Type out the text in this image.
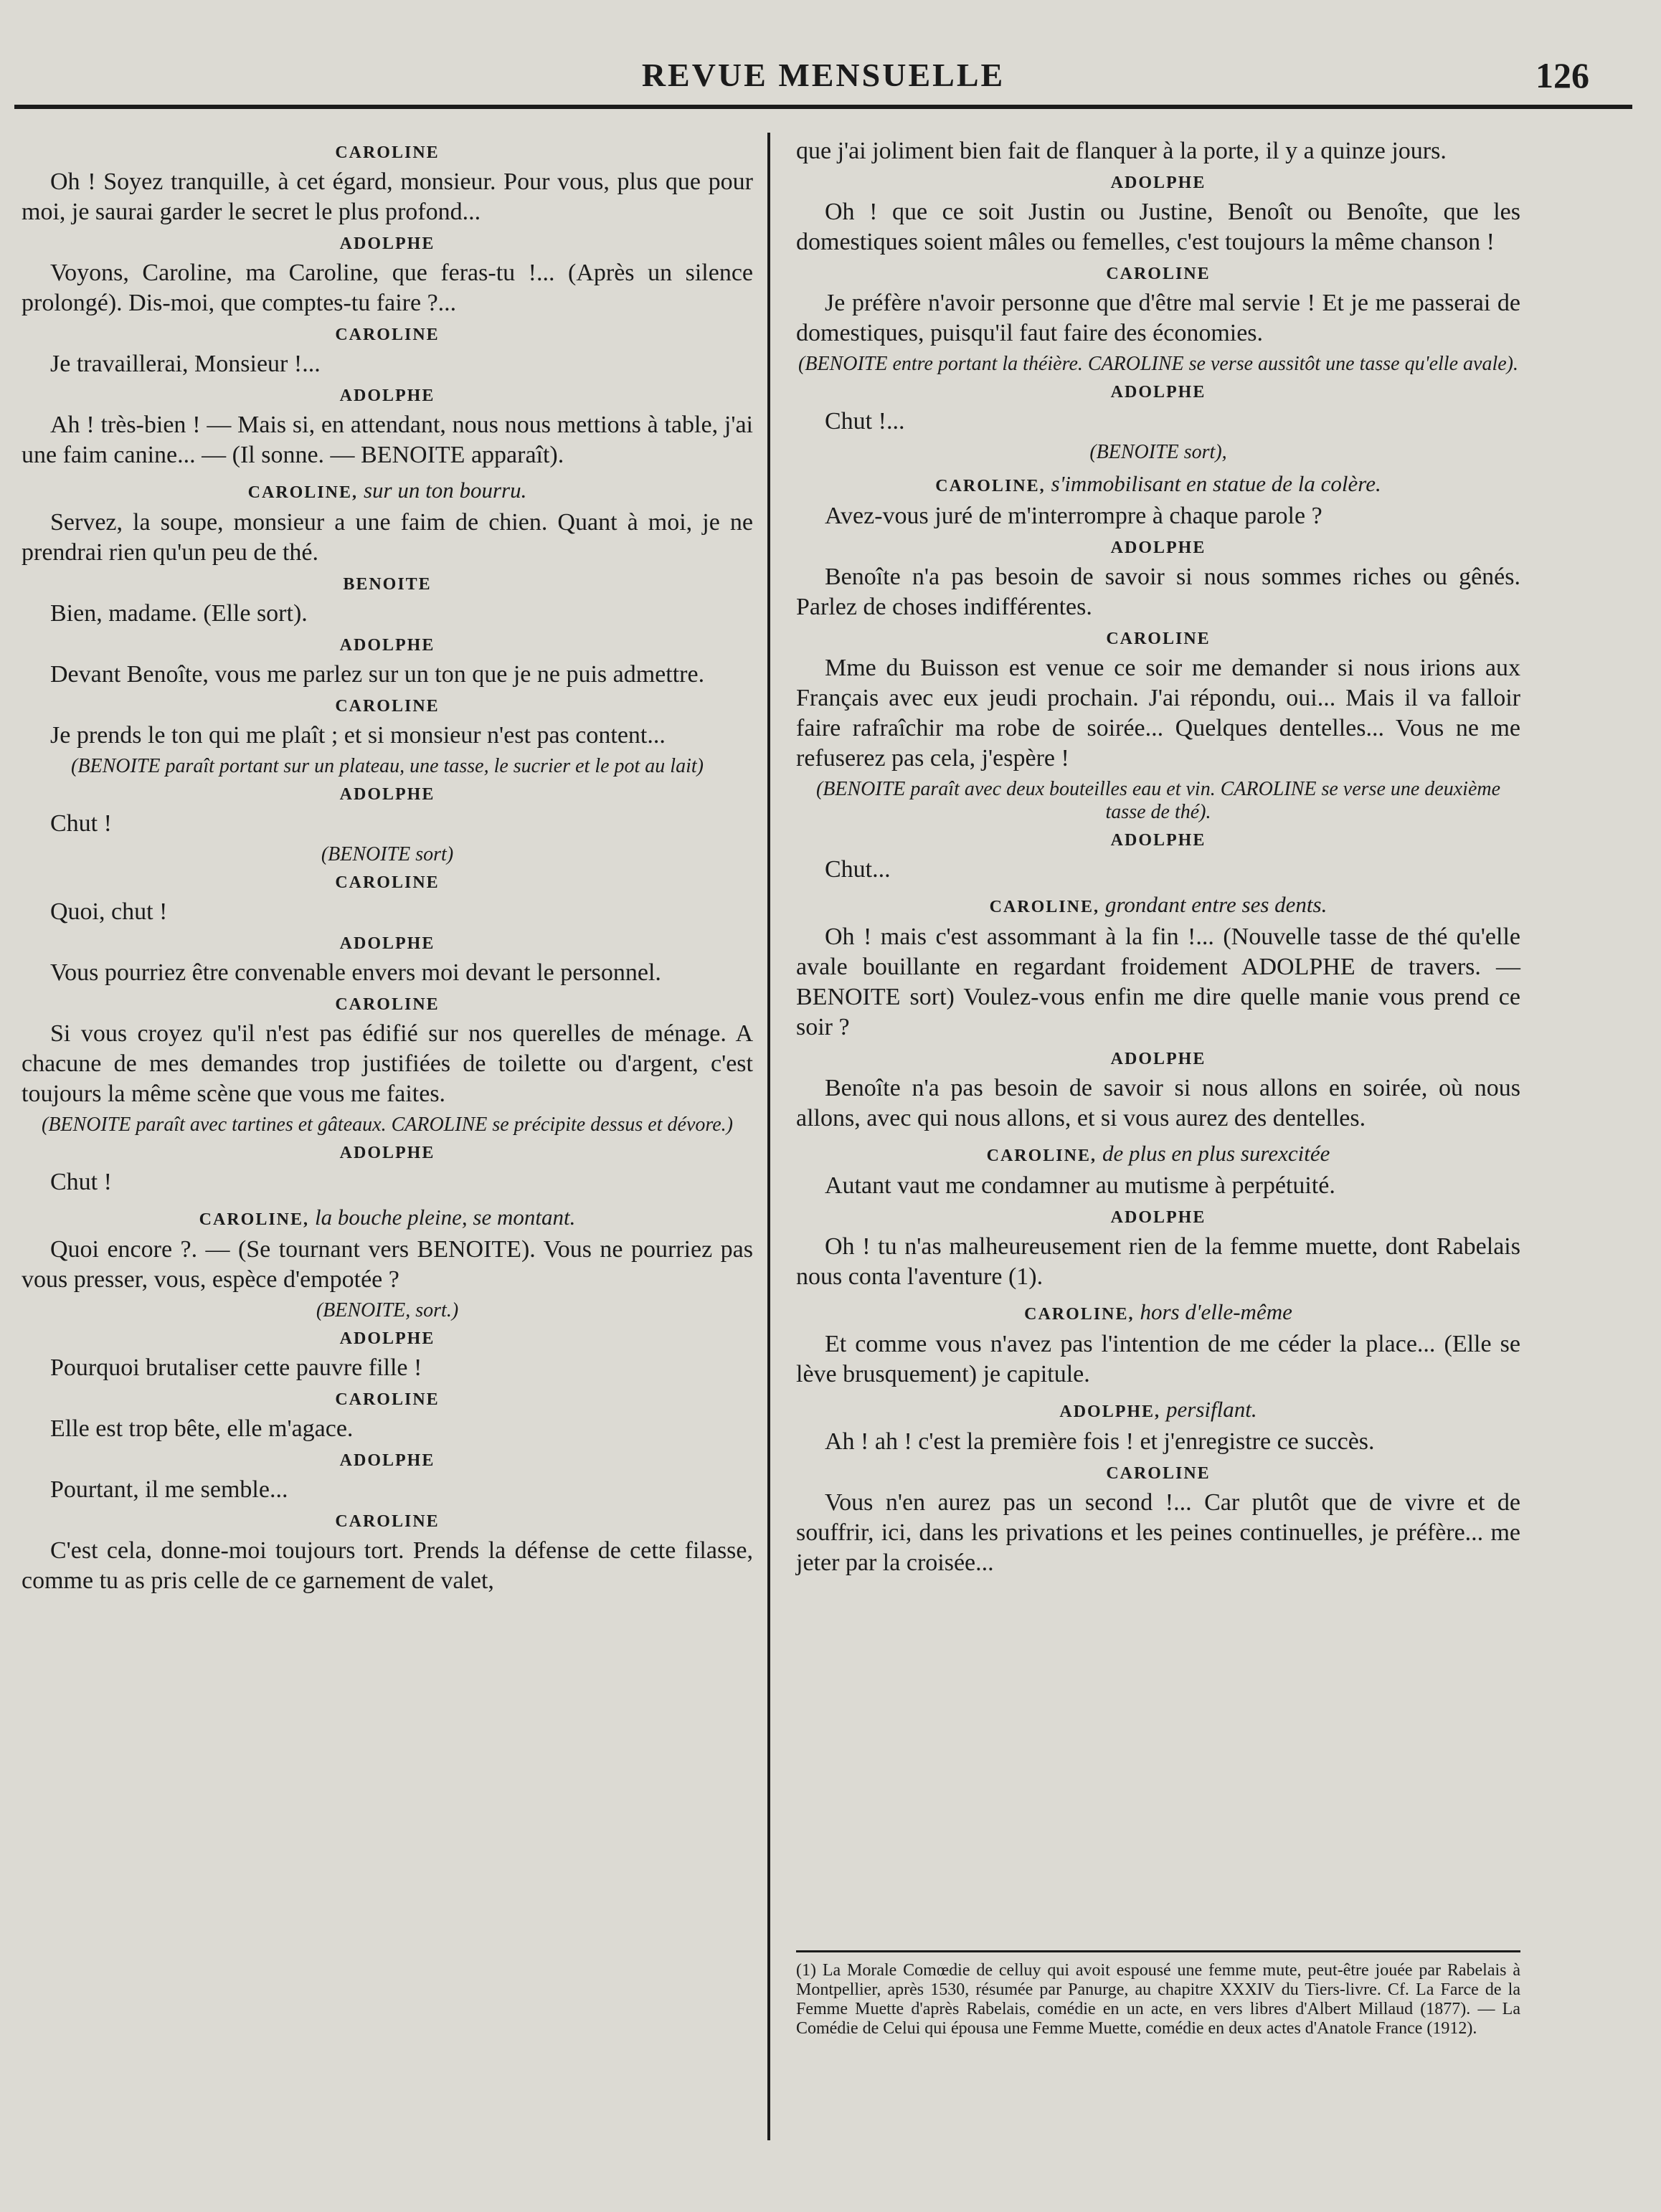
REVUE MENSUELLE	126
CAROLINE

Oh ! Soyez tranquille, à cet égard, monsieur. Pour vous, plus que pour moi, je saurai garder le secret le plus profond...

ADOLPHE

Voyons, Caroline, ma Caroline, que feras-tu !... (Après un silence prolongé). Dis-moi, que comptes-tu faire ?...

CAROLINE

Je travaillerai, Monsieur !...

ADOLPHE

Ah ! très-bien ! — Mais si, en attendant, nous nous mettions à table, j'ai une faim canine... — (Il sonne. — BENOITE apparaît).

CAROLINE, sur un ton bourru.

Servez, la soupe, monsieur a une faim de chien. Quant à moi, je ne prendrai rien qu'un peu de thé.

BENOITE

Bien, madame. (Elle sort).

ADOLPHE

Devant Benoîte, vous me parlez sur un ton que je ne puis admettre.

CAROLINE

Je prends le ton qui me plaît ; et si monsieur n'est pas content...

(BENOITE paraît portant sur un plateau, une tasse, le sucrier et le pot au lait)

ADOLPHE

Chut !

(BENOITE sort)

CAROLINE

Quoi, chut !

ADOLPHE

Vous pourriez être convenable envers moi devant le personnel.

CAROLINE

Si vous croyez qu'il n'est pas édifié sur nos querelles de ménage. A chacune de mes demandes trop justifiées de toilette ou d'argent, c'est toujours la même scène que vous me faites.

(BENOITE paraît avec tartines et gâteaux. CAROLINE se précipite dessus et dévore.)

ADOLPHE

Chut !

CAROLINE, la bouche pleine, se montant.

Quoi encore ?. — (Se tournant vers BENOITE). Vous ne pourriez pas vous presser, vous, espèce d'empotée ?

(BENOITE, sort.)

ADOLPHE

Pourquoi brutaliser cette pauvre fille !

CAROLINE

Elle est trop bête, elle m'agace.

ADOLPHE

Pourtant, il me semble...

CAROLINE

C'est cela, donne-moi toujours tort. Prends la défense de cette filasse, comme tu as pris celle de ce garnement de valet,

que j'ai joliment bien fait de flanquer à la porte, il y a quinze jours.

ADOLPHE

Oh ! que ce soit Justin ou Justine, Benoît ou Benoîte, que les domestiques soient mâles ou femelles, c'est toujours la même chanson !

CAROLINE

Je préfère n'avoir personne que d'être mal servie ! Et je me passerai de domestiques, puisqu'il faut faire des économies.

(BENOITE entre portant la théière. CAROLINE se verse aussitôt une tasse qu'elle avale).

ADOLPHE

Chut !...

(BENOITE sort),

CAROLINE, s'immobilisant en statue de la colère.

Avez-vous juré de m'interrompre à chaque parole ?

ADOLPHE

Benoîte n'a pas besoin de savoir si nous sommes riches ou gênés. Parlez de choses indifférentes.

CAROLINE

Mme du Buisson est venue ce soir me demander si nous irions aux Français avec eux jeudi prochain. J'ai répondu, oui... Mais il va falloir faire rafraîchir ma robe de soirée... Quelques dentelles... Vous ne me refuserez pas cela, j'espère !

(BENOITE paraît avec deux bouteilles eau et vin. CAROLINE se verse une deuxième tasse de thé).

ADOLPHE

Chut...

CAROLINE, grondant entre ses dents.

Oh ! mais c'est assommant à la fin !... (Nouvelle tasse de thé qu'elle avale bouillante en regardant froidement ADOLPHE de travers. — BENOITE sort) Voulez-vous enfin me dire quelle manie vous prend ce soir ?

ADOLPHE

Benoîte n'a pas besoin de savoir si nous allons en soirée, où nous allons, avec qui nous allons, et si vous aurez des dentelles.

CAROLINE, de plus en plus surexcitée

Autant vaut me condamner au mutisme à perpétuité.

ADOLPHE

Oh ! tu n'as malheureusement rien de la femme muette, dont Rabelais nous conta l'aventure (1).

CAROLINE, hors d'elle-même

Et comme vous n'avez pas l'intention de me céder la place... (Elle se lève brusquement) je capitule.

ADOLPHE, persiflant.

Ah ! ah ! c'est la première fois ! et j'enregistre ce succès.

CAROLINE

Vous n'en aurez pas un second !... Car plutôt que de vivre et de souffrir, ici, dans les privations et les peines continuelles, je préfère... me jeter par la croisée...

(1) La Morale Comœdie de celluy qui avoit espousé une femme mute, peut-être jouée par Rabelais à Montpellier, après 1530, résumée par Panurge, au chapitre XXXIV du Tiers-livre. Cf. La Farce de la Femme Muette d'après Rabelais, comédie en un acte, en vers libres d'Albert Millaud (1877). — La Comédie de Celui qui épousa une Femme Muette, comédie en deux actes d'Anatole France (1912).
